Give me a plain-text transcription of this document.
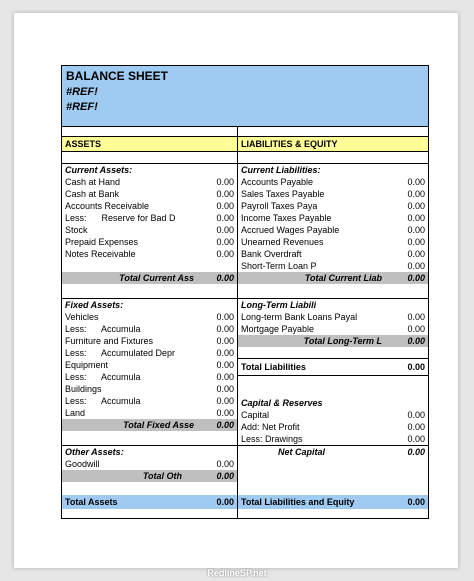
BALANCE SHEET
#REF!
#REF!
ASSETS	LIABILITIES & EQUITY
Current Assets:
Cash at Hand	0.00
Cash at Bank	0.00
Accounts Receivable	0.00
Less:      Reserve for Bad D	0.00
Stock	0.00
Prepaid Expenses	0.00
Notes Receivable	0.00
Total Current Ass 0.00
Fixed Assets:
Vehicles	0.00
Less:      Accumula	0.00
Furniture and Fixtures	0.00
Less:      Accumulated Depr	0.00
Equipment	0.00
Less:      Accumula	0.00
Buildings	0.00
Less:      Accumula	0.00
Land	0.00
Total Fixed Asse 0.00
Other Assets:
Goodwill	0.00
Total Oth	0.00
Total Assets	0.00
Current Liabilities:
Accounts Payable	0.00
Sales Taxes Payable	0.00
Payroll Taxes Paya	0.00
Income Taxes Payable	0.00
Accrued Wages Payable	0.00
Unearned Revenues	0.00
Bank Overdraft	0.00
Short-Term Loan P	0.00
Total Current Liab	0.00
Long-Term Liabili
Long-term Bank Loans Payal	0.00
Mortgage Payable	0.00
Total Long-Term L	0.00
Total Liabilities	0.00
Capital & Reserves
Capital	0.00
Add: Net Profit	0.00
Less: Drawings	0.00
Net Capital	0.00
Total Liabilities and Equity	0.00
RedlineSP.net
